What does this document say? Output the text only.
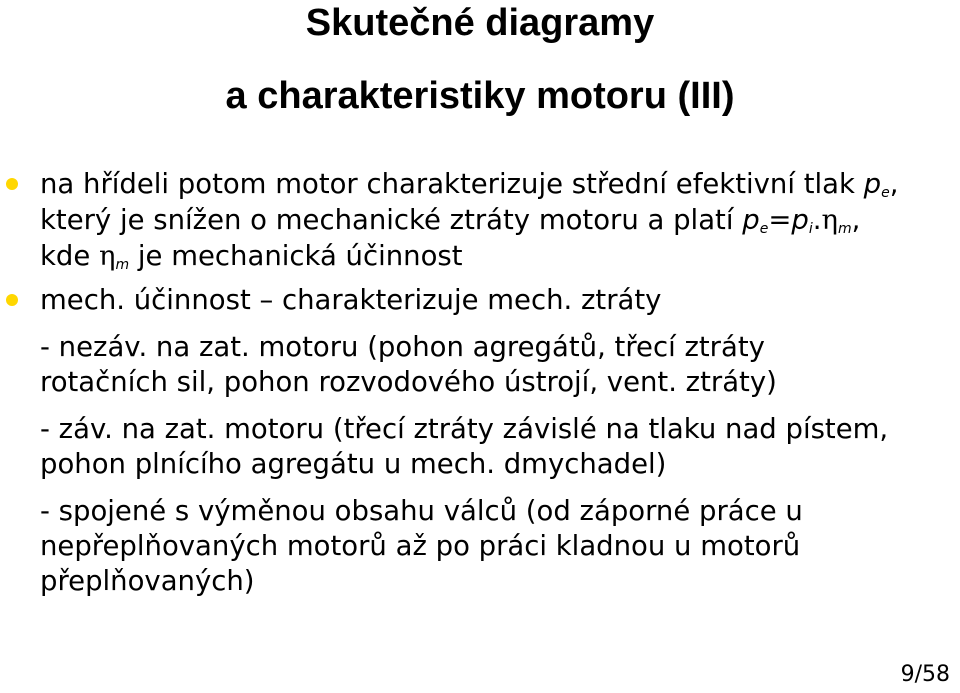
Skutečné diagramy
a charakteristiky motoru (III)
na hřídeli potom motor charakterizuje střední efektivní tlak $p_e$,
který je snížen o mechanické ztráty motoru a platí $p_e=p_i.\eta_m$,
kde $\eta_m$ je mechanická účinnost
mech. účinnost – charakterizuje mech. ztráty
- nezáv. na zat. motoru (pohon agregátů, třecí ztráty
rotačních sil, pohon rozvodového ústrojí, vent. ztráty)
- záv. na zat. motoru (třecí ztráty závislé na tlaku nad pístem,
pohon plnícího agregátu u mech. dmychadel)
- spojené s výměnou obsahu válců (od záporné práce u
nepřeplňovaných motorů až po práci kladnou u motorů
přeplňovaných)
9/58
